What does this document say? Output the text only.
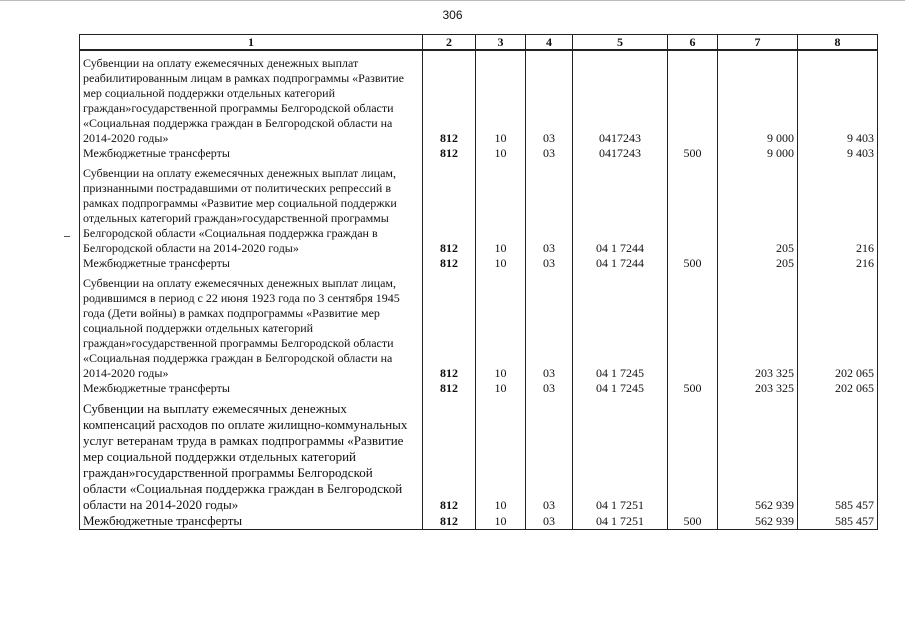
306
1	2	3	4	5	6	7	8
Субвенции на оплату ежемесячных денежных выплат реабилитированным лицам в рамках подпрограммы «Развитие мер социальной поддержки отдельных категорий граждан»государственной программы Белгородской области «Социальная поддержка граждан в Белгородской области на 2014-2020 годы»	812	10	03	0417243		9 000	9 403
Межбюджетные трансферты	812	10	03	0417243	500	9 000	9 403
Субвенции на оплату ежемесячных денежных выплат лицам, признанными пострадавшими от политических репрессий в рамках подпрограммы «Развитие мер социальной поддержки отдельных категорий граждан»государственной программы Белгородской области «Социальная поддержка граждан в Белгородской области на 2014-2020 годы»	812	10	03	04 1 7244		205	216
Межбюджетные трансферты	812	10	03	04 1 7244	500	205	216
Субвенции на оплату ежемесячных денежных выплат лицам, родившимся в период с 22 июня 1923 года по 3 сентября 1945 года (Дети войны) в рамках подпрограммы «Развитие мер социальной поддержки отдельных категорий граждан»государственной программы Белгородской области «Социальная поддержка граждан в Белгородской области на 2014-2020 годы»	812	10	03	04 1 7245		203 325	202 065
Межбюджетные трансферты	812	10	03	04 1 7245	500	203 325	202 065
Субвенции на выплату ежемесячных денежных компенсаций расходов по оплате жилищно-коммунальных услуг ветеранам труда в рамках подпрограммы «Развитие мер социальной поддержки отдельных категорий граждан»государственной программы Белгородской области «Социальная поддержка граждан в Белгородской области на 2014-2020 годы»	812	10	03	04 1 7251		562 939	585 457
Межбюджетные трансферты	812	10	03	04 1 7251	500	562 939	585 457
